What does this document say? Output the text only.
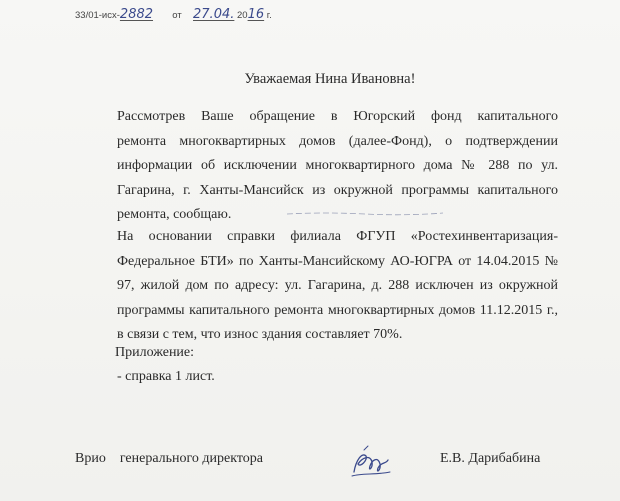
33/01-исх-2882 от 27.04. 2016 г.
Уважаемая Нина Ивановна!
Рассмотрев Ваше обращение в Югорский фонд капитального
ремонта многоквартирных домов (далее-Фонд), о подтверждении
информации об исключении многоквартирного дома № 288 по ул.
Гагарина, г. Ханты-Мансийск из окружной программы капитального
ремонта, сообщаю.
На основании справки филиала ФГУП «Ростехинвентаризация-
Федеральное БТИ» по Ханты-Мансийскому АО-ЮГРА от 14.04.2015 №
97, жилой дом по адресу: ул. Гагарина, д. 288 исключен из окружной
программы капитального ремонта многоквартирных домов 11.12.2015 г.,
в связи с тем, что износ здания составляет 70%.
Приложение:
- справка 1 лист.
Врио генерального директора	Е.В. Дарибабина
